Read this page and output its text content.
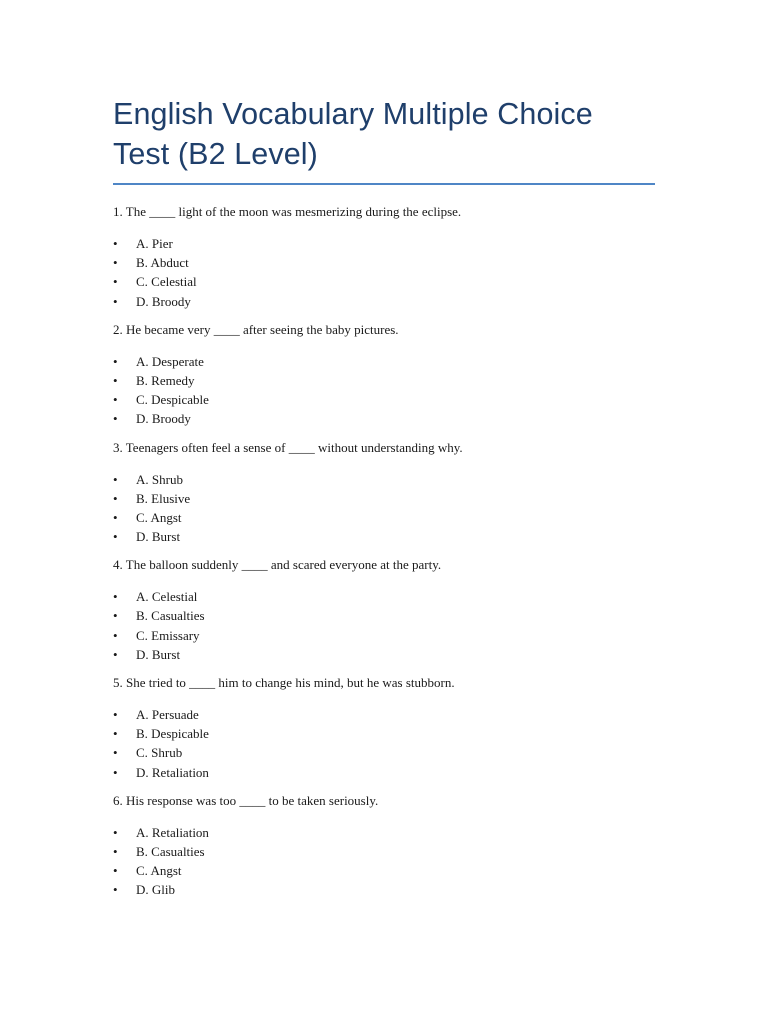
English Vocabulary Multiple Choice Test (B2 Level)

1. The ____ light of the moon was mesmerizing during the eclipse.

• A. Pier
• B. Abduct
• C. Celestial
• D. Broody

2. He became very ____ after seeing the baby pictures.

• A. Desperate
• B. Remedy
• C. Despicable
• D. Broody

3. Teenagers often feel a sense of ____ without understanding why.

• A. Shrub
• B. Elusive
• C. Angst
• D. Burst

4. The balloon suddenly ____ and scared everyone at the party.

• A. Celestial
• B. Casualties
• C. Emissary
• D. Burst

5. She tried to ____ him to change his mind, but he was stubborn.

• A. Persuade
• B. Despicable
• C. Shrub
• D. Retaliation

6. His response was too ____ to be taken seriously.

• A. Retaliation
• B. Casualties
• C. Angst
• D. Glib
